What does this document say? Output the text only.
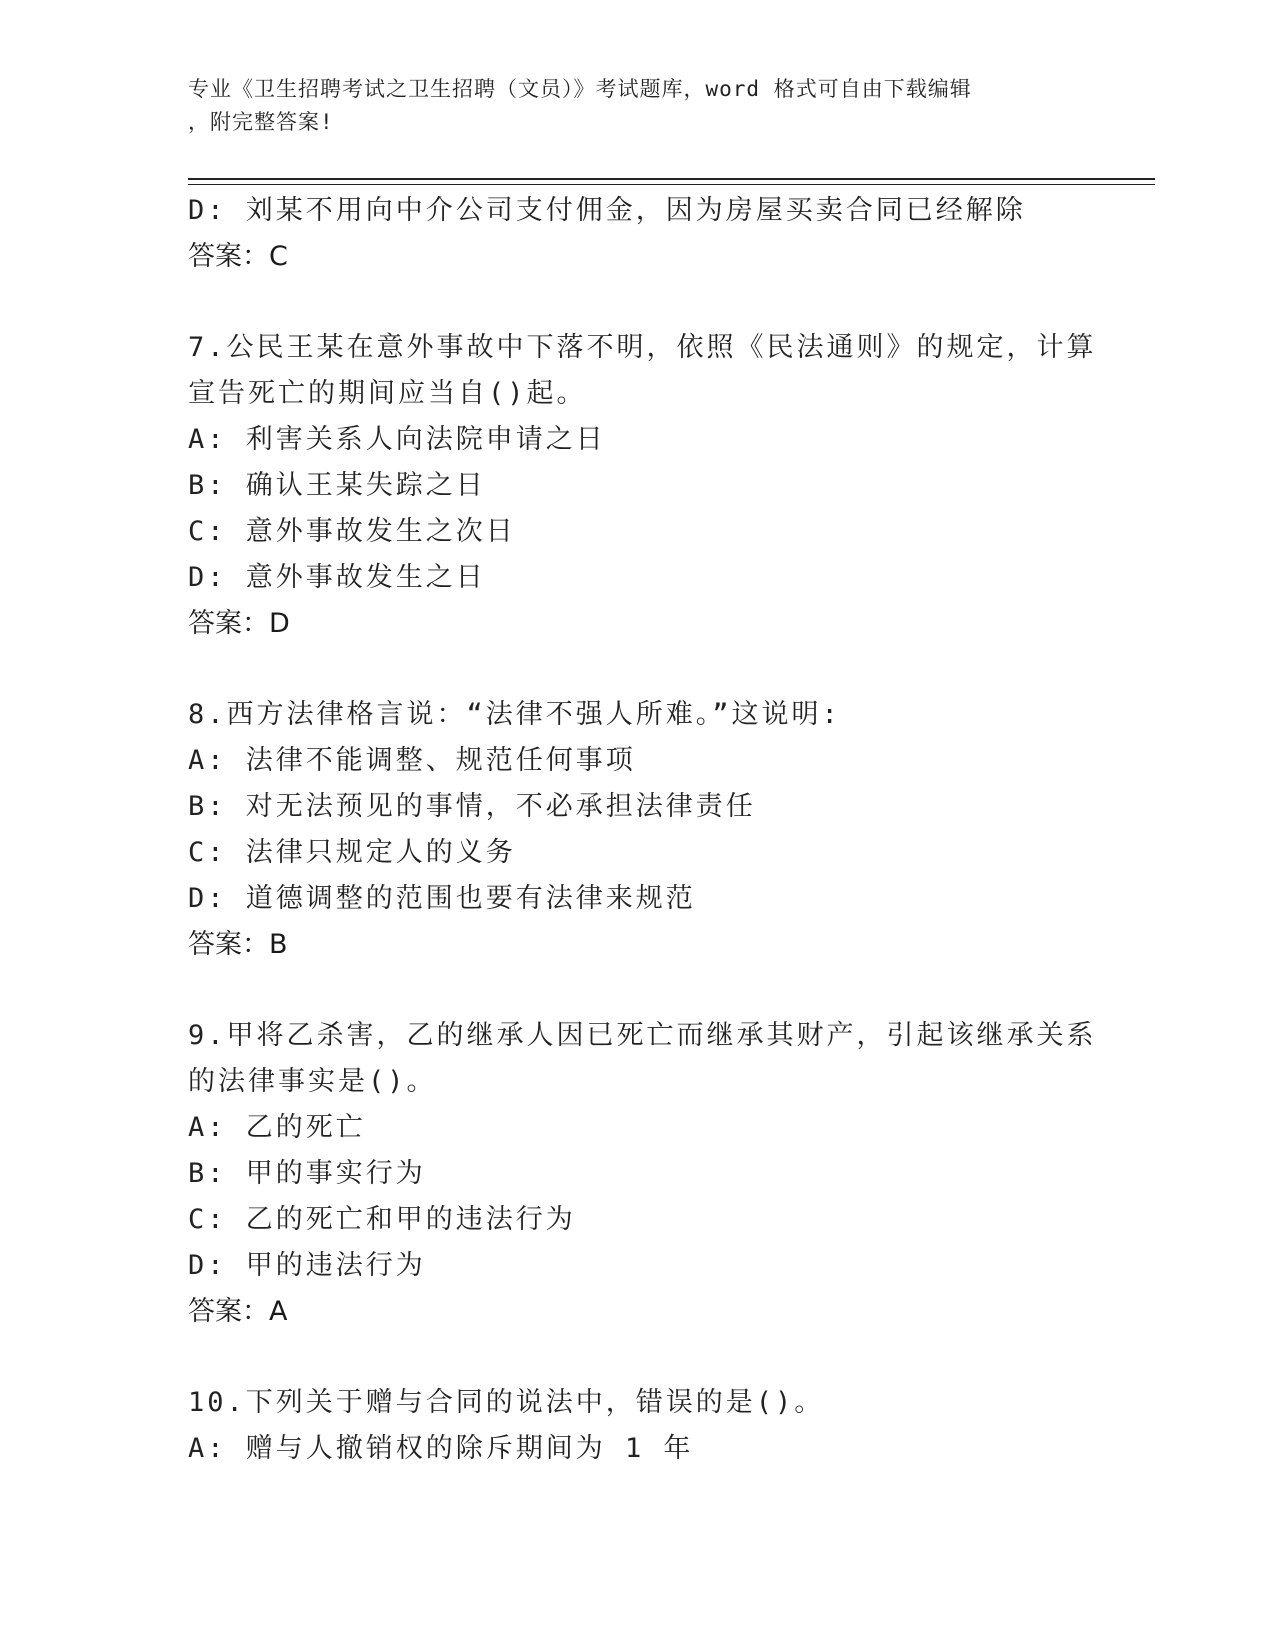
专业《卫生招聘考试之卫生招聘（文员）》考试题库，word 格式可自由下载编辑
，附完整答案!
D: 刘某不用向中介公司支付佣金，因为房屋买卖合同已经解除
答案：C
7.公民王某在意外事故中下落不明，依照《民法通则》的规定，计算
宣告死亡的期间应当自()起。
A: 利害关系人向法院申请之日
B: 确认王某失踪之日
C: 意外事故发生之次日
D: 意外事故发生之日
答案：D
8.西方法律格言说：“法律不强人所难。”这说明:
A: 法律不能调整、规范任何事项
B: 对无法预见的事情，不必承担法律责任
C: 法律只规定人的义务
D: 道德调整的范围也要有法律来规范
答案：B
9.甲将乙杀害，乙的继承人因已死亡而继承其财产，引起该继承关系
的法律事实是()。
A: 乙的死亡
B: 甲的事实行为
C: 乙的死亡和甲的违法行为
D: 甲的违法行为
答案：A
10.下列关于赠与合同的说法中，错误的是()。
A: 赠与人撤销权的除斥期间为 1 年
